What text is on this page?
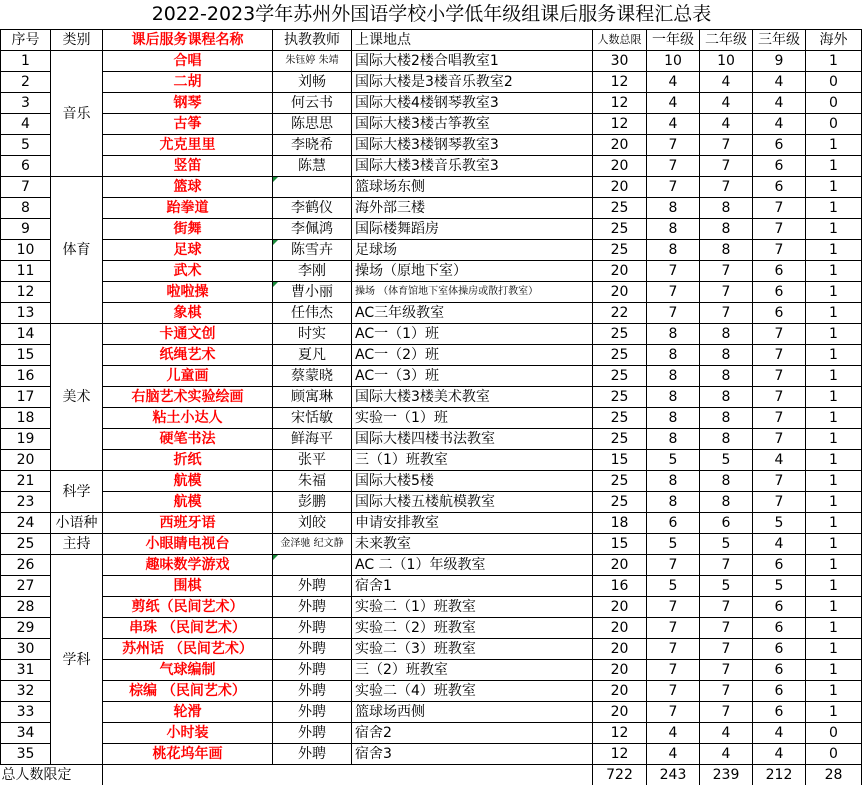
2022-2023学年苏州外国语学校小学低年级组课后服务课程汇总表
序号	类别	课后服务课程名称	执教教师	上课地点	人数总限	一年级	二年级	三年级	海外
1	音乐	合唱	朱钰婷 朱靖	国际大楼2楼合唱教室1	30	10	10	9	1
2		二胡	刘畅	国际大楼是3楼音乐教室2	12	4	4	4	0
3		钢琴	何云书	国际大楼4楼钢琴教室3	12	4	4	4	0
4		古筝	陈思思	国际大楼3楼古筝教室	12	4	4	4	0
5		尤克里里	李晓希	国际大楼3楼钢琴教室3	20	7	7	6	1
6		竖笛	陈慧	国际大楼3楼音乐教室3	20	7	7	6	1
7	体育	篮球		篮球场东侧	20	7	7	6	1
8		跆拳道	李鹤仪	海外部三楼	25	8	8	7	1
9		街舞	李佩鸿	国际楼舞蹈房	25	8	8	7	1
10		足球	陈雪卉	足球场	25	8	8	7	1
11		武术	李刚	操场（原地下室）	20	7	7	6	1
12		啦啦操	曹小丽	操场 （体育馆地下室体操房或散打教室）	20	7	7	6	1
13		象棋	任伟杰	AC三年级教室	22	7	7	6	1
14	美术	卡通文创	时实	AC一（1）班	25	8	8	7	1
15		纸绳艺术	夏凡	AC一（2）班	25	8	8	7	1
16		儿童画	蔡蒙晓	AC一（3）班	25	8	8	7	1
17		右脑艺术实验绘画	顾寓琳	国际大楼3楼美术教室	25	8	8	7	1
18		粘土小达人	宋恬敏	实验一（1）班	25	8	8	7	1
19		硬笔书法	鲜海平	国际大楼四楼书法教室	25	8	8	7	1
20		折纸	张平	三（1）班教室	15	5	5	4	1
21	科学	航模	朱福	国际大楼5楼	25	8	8	7	1
23		航模	彭鹏	国际大楼五楼航模教室	25	8	8	7	1
24	小语种	西班牙语	刘皎	申请安排教室	18	6	6	5	1
25	主持	小眼睛电视台	金泽驰 纪文静	未来教室	15	5	5	4	1
26	学科	趣味数学游戏		AC 二（1）年级教室	20	7	7	6	1
27		围棋	外聘	宿舍1	16	5	5	5	1
28		剪纸（民间艺术）	外聘	实验二（1）班教室	20	7	7	6	1
29		串珠 （民间艺术）	外聘	实验二（2）班教室	20	7	7	6	1
30		苏州话 （民间艺术）	外聘	实验二（3）班教室	20	7	7	6	1
31		气球编制	外聘	三（2）班教室	20	7	7	6	1
32		棕编 （民间艺术）	外聘	实验二（4）班教室	20	7	7	6	1
33		轮滑	外聘	篮球场西侧	20	7	7	6	1
34		小时装	外聘	宿舍2	12	4	4	4	0
35		桃花坞年画	外聘	宿舍3	12	4	4	4	0
总人数限定					722	243	239	212	28
